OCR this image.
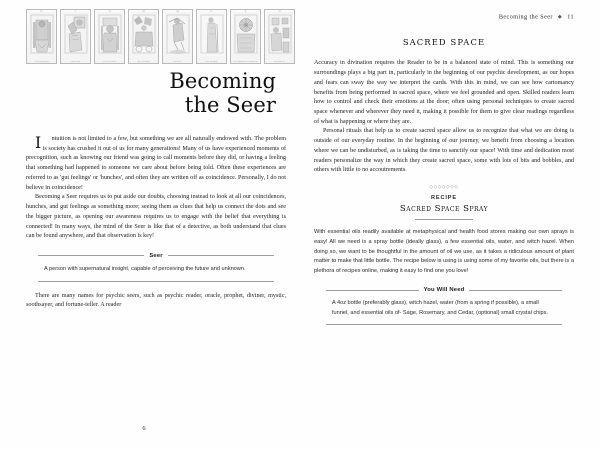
THE EMPEROR	THE POPE	THE LOVERS	THE CHARIOT	JUSTICE	THE HERMIT	THE WHEEL OF FORTUNE	STRENGTH
Becoming
the Seer

I ntuition is not limited to a few, but something we are all naturally endowed with. The problem is society has crushed it out of us for many generations! Many of us have experienced moments of precognition, such as knowing our friend was going to call moments before they did, or having a feeling that something had happened to someone we care about before being told. Often these experiences are referred to as 'gut feelings' or 'hunches', and often they are written off as coincidence. Personally, I do not believe in coincidence!

Becoming a Seer requires us to put aside our doubts, choosing instead to look at all our coincidences, hunches, and gut feelings as something more; seeing them as clues that help us connect the dots and see the bigger picture, as opening our awareness requires us to engage with the belief that everything is connected! In many ways, the mind of the Seer is like that of a detective, as both understand that clues can be found anywhere, and that observation is key!

Seer
A person with supernatural insight, capable of perceiving the future and unknown.

There are many names for psychic seers, such as psychic reader, oracle, prophet, diviner, mystic, soothsayer, and fortune-teller. A reader

6
Becoming the Seer ◆ 11
SACRED SPACE

Accuracy in divination requires the Reader to be in a balanced state of mind. This is something our surroundings plays a big part in, particularly in the beginning of our psychic development, as our hopes and fears can sway the way we interpret the cards. With this in mind, we can see how cartomancy benefits from being performed in sacred space, where we feel grounded and open. Skilled readers learn how to control and check their emotions at the door; often using personal techniques to create sacred space whenever and wherever they need it, making it possible for them to give clear readings regardless of what is happening or where they are.

Personal rituals that help us to create sacred space allow us to recognize that what we are doing is outside of our everyday routine. In the beginning of our journey, we benefit from choosing a location where we can be undisturbed, as is taking the time to sanctify our space! With time and dedication most readers personalize the way in which they create sacred space, some with lots of bits and bobbles, and others with little to no accoutrements.

◇◇◇◇◇◇◇
RECIPE
Sacred Space Spray
With essential oils readily available at metaphysical and health food stores making our own sprays is easy! All we need is a spray bottle (ideally glass), a few essential oils, water, and witch hazel. When doing so, we want to be thoughtful in the amount of oil we use, as it takes a ridiculous amount of plant matter to make that little bottle. The recipe below is using is using some of my favorite oils, but there is a plethora of recipes online, making it easy to find one you love!
You Will Need
A 4oz bottle (preferably glass), witch hazel, water (from a spring if possible), a small funnel, and essential oils of- Sage, Rosemary, and Cedar, (optional) small crystal chips.
